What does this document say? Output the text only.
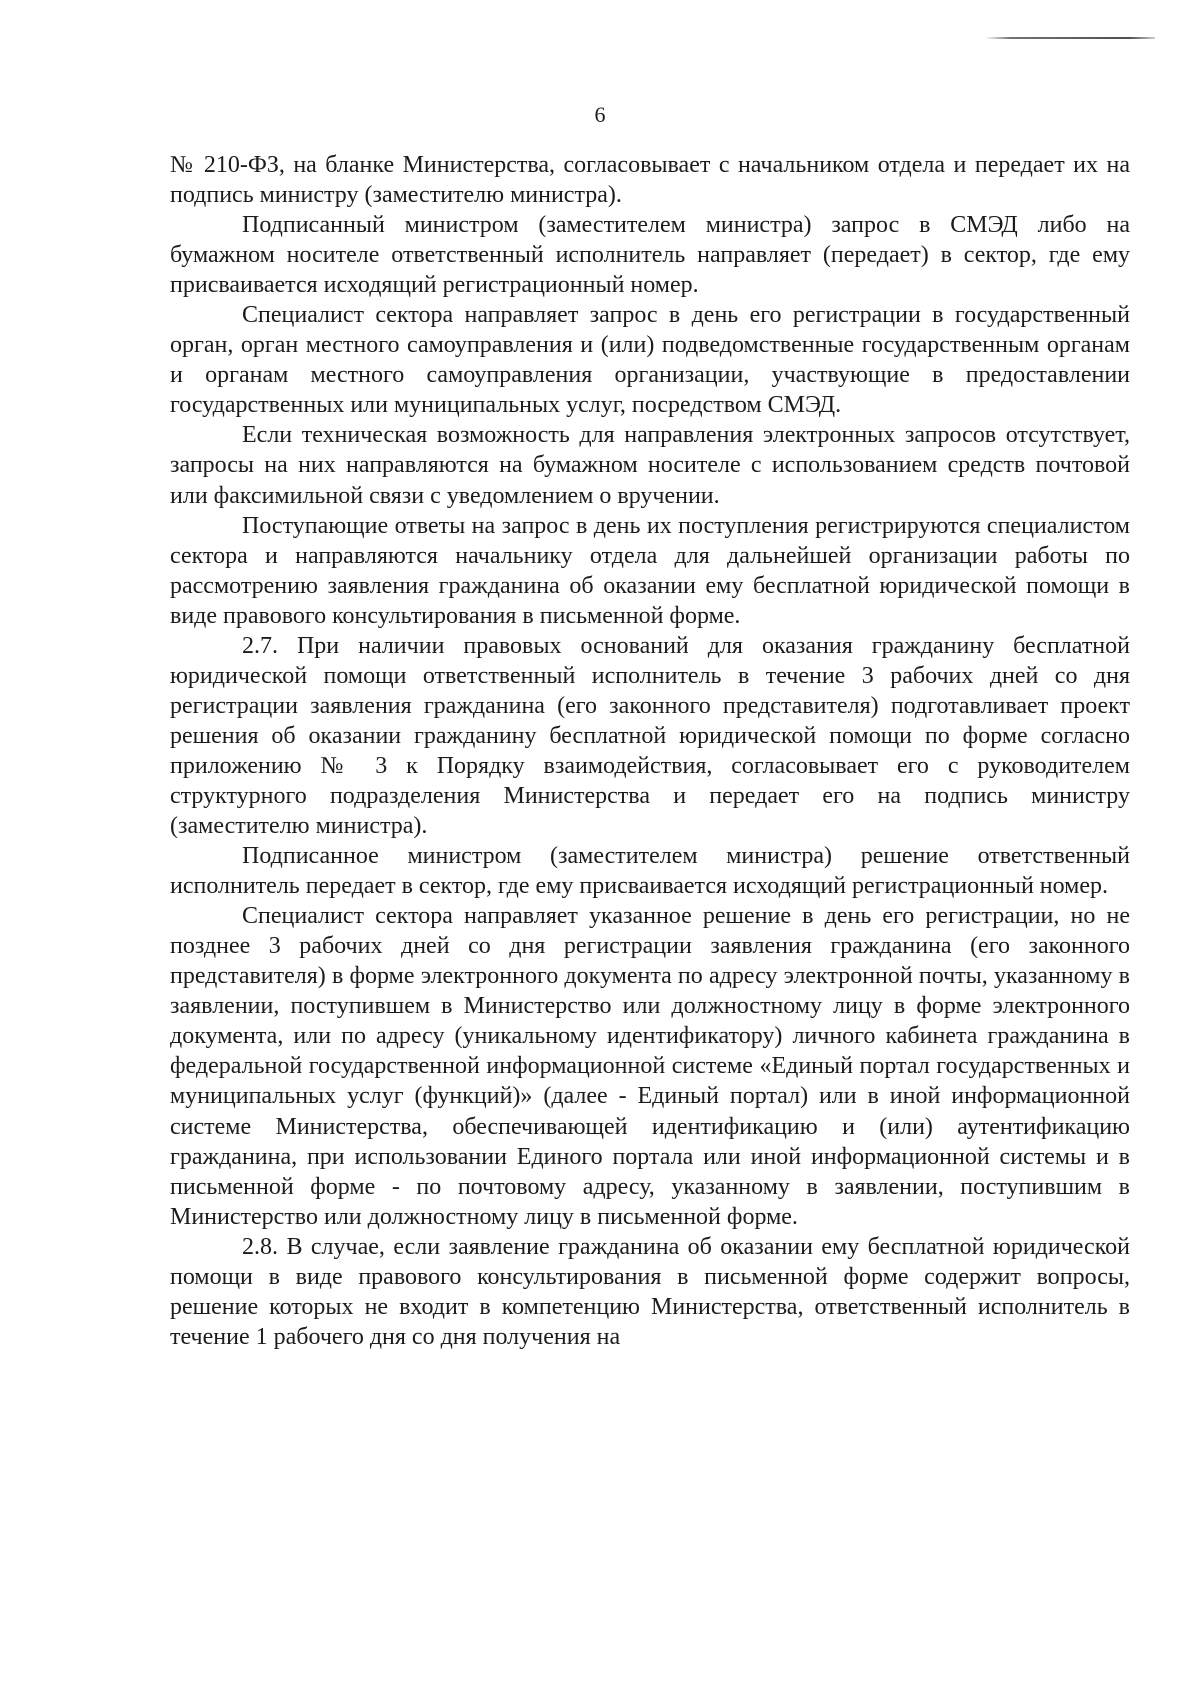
6

№ 210-ФЗ, на бланке Министерства, согласовывает с начальником отдела и передает их на подпись министру (заместителю министра).

Подписанный министром (заместителем министра) запрос в СМЭД либо на бумажном носителе ответственный исполнитель направляет (передает) в сектор, где ему присваивается исходящий регистрационный номер.

Специалист сектора направляет запрос в день его регистрации в государственный орган, орган местного самоуправления и (или) подведомственные государственным органам и органам местного самоуправления организации, участвующие в предоставлении государственных или муниципальных услуг, посредством СМЭД.

Если техническая возможность для направления электронных запросов отсутствует, запросы на них направляются на бумажном носителе с использованием средств почтовой или факсимильной связи с уведомлением о вручении.

Поступающие ответы на запрос в день их поступления регистрируются специалистом сектора и направляются начальнику отдела для дальнейшей организации работы по рассмотрению заявления гражданина об оказании ему бесплатной юридической помощи в виде правового консультирования в письменной форме.

2.7. При наличии правовых оснований для оказания гражданину бесплатной юридической помощи ответственный исполнитель в течение 3 рабочих дней со дня регистрации заявления гражданина (его законного представителя) подготавливает проект решения об оказании гражданину бесплатной юридической помощи по форме согласно приложению № 3 к Порядку взаимодействия, согласовывает его с руководителем структурного подразделения Министерства и передает его на подпись министру (заместителю министра).

Подписанное министром (заместителем министра) решение ответственный исполнитель передает в сектор, где ему присваивается исходящий регистрационный номер.

Специалист сектора направляет указанное решение в день его регистрации, но не позднее 3 рабочих дней со дня регистрации заявления гражданина (его законного представителя) в форме электронного документа по адресу электронной почты, указанному в заявлении, поступившем в Министерство или должностному лицу в форме электронного документа, или по адресу (уникальному идентификатору) личного кабинета гражданина в федеральной государственной информационной системе «Единый портал государственных и муниципальных услуг (функций)» (далее - Единый портал) или в иной информационной системе Министерства, обеспечивающей идентификацию и (или) аутентификацию гражданина, при использовании Единого портала или иной информационной системы и в письменной форме - по почтовому адресу, указанному в заявлении, поступившим в Министерство или должностному лицу в письменной форме.

2.8. В случае, если заявление гражданина об оказании ему бесплатной юридической помощи в виде правового консультирования в письменной форме содержит вопросы, решение которых не входит в компетенцию Министерства, ответственный исполнитель в течение 1 рабочего дня со дня получения на
